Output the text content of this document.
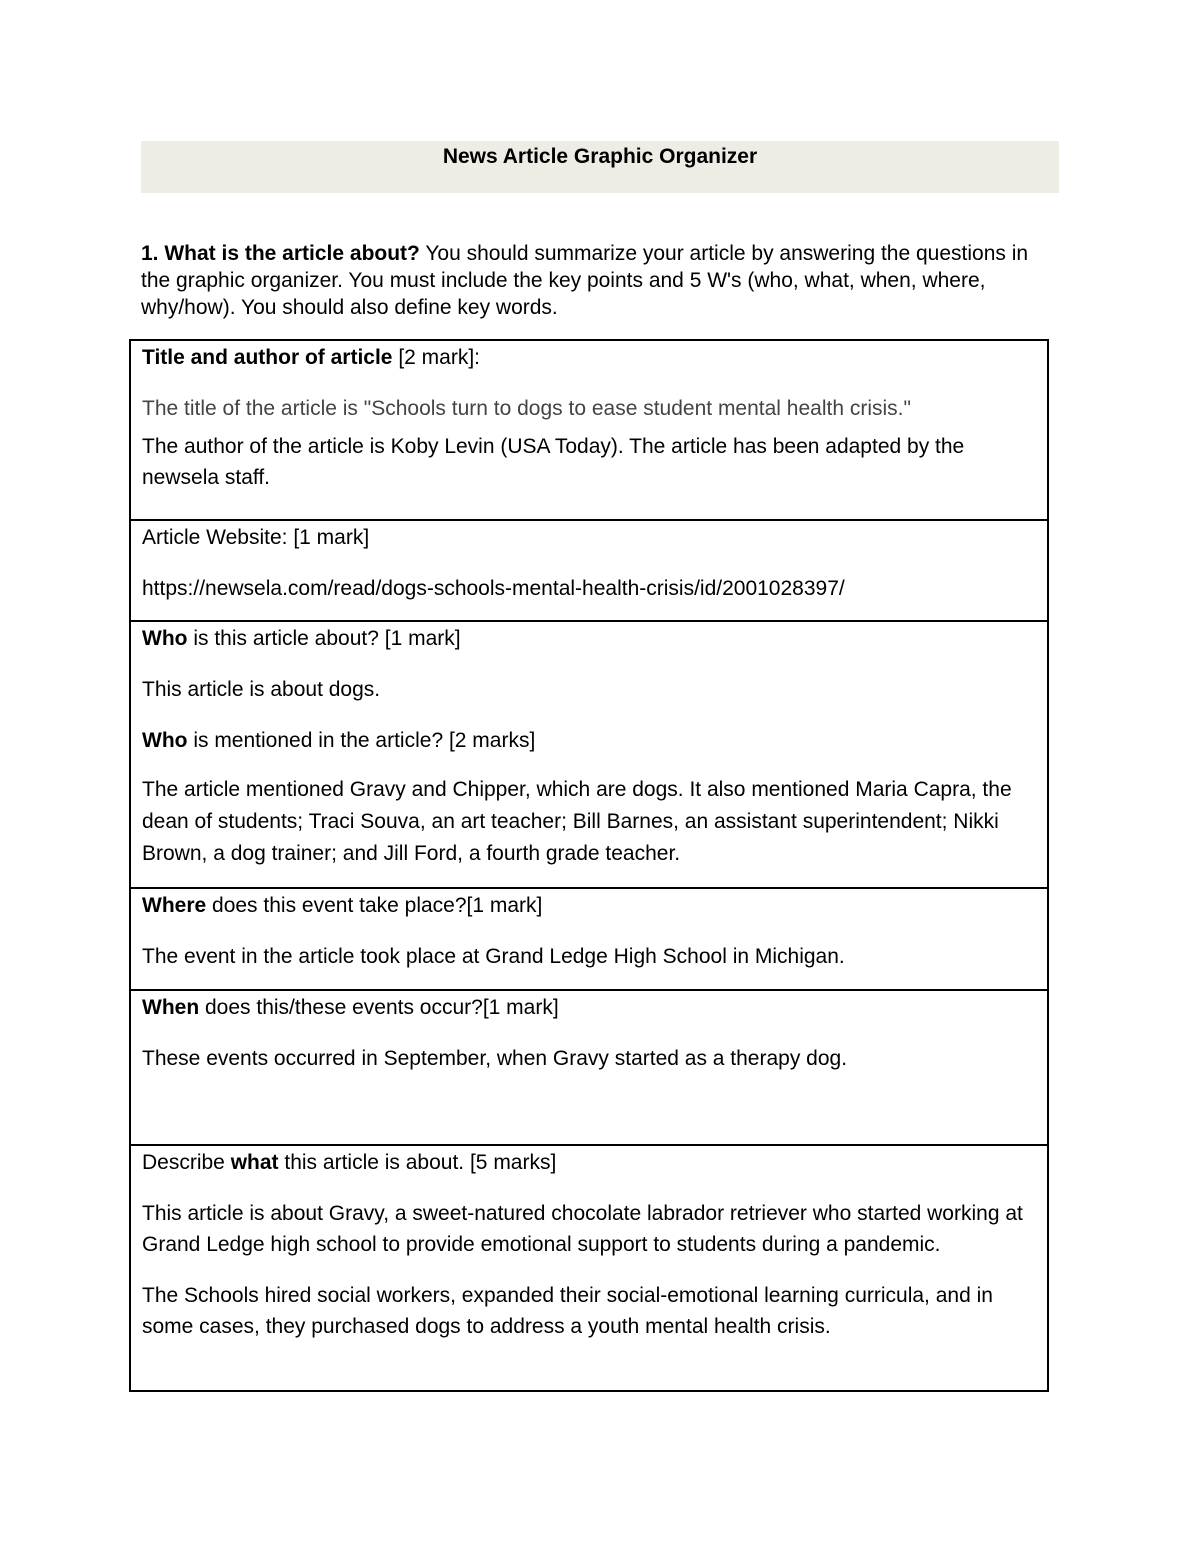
News Article Graphic Organizer
1. What is the article about? You should summarize your article by answering the questions in the graphic organizer. You must include the key points and 5 W's (who, what, when, where, why/how). You should also define key words.
Title and author of article [2 mark]:
The title of the article is "Schools turn to dogs to ease student mental health crisis."
The author of the article is Koby Levin (USA Today). The article has been adapted by the newsela staff.

Article Website: [1 mark]
https://newsela.com/read/dogs-schools-mental-health-crisis/id/2001028397/

Who is this article about? [1 mark]
This article is about dogs.
Who is mentioned in the article? [2 marks]
The article mentioned Gravy and Chipper, which are dogs. It also mentioned Maria Capra, the dean of students; Traci Souva, an art teacher; Bill Barnes, an assistant superintendent; Nikki Brown, a dog trainer; and Jill Ford, a fourth grade teacher.

Where does this event take place?[1 mark]
The event in the article took place at Grand Ledge High School in Michigan.

When does this/these events occur?[1 mark]
These events occurred in September, when Gravy started as a therapy dog.

Describe what this article is about. [5 marks]
This article is about Gravy, a sweet-natured chocolate labrador retriever who started working at Grand Ledge high school to provide emotional support to students during a pandemic.
The Schools hired social workers, expanded their social-emotional learning curricula, and in some cases, they purchased dogs to address a youth mental health crisis.
